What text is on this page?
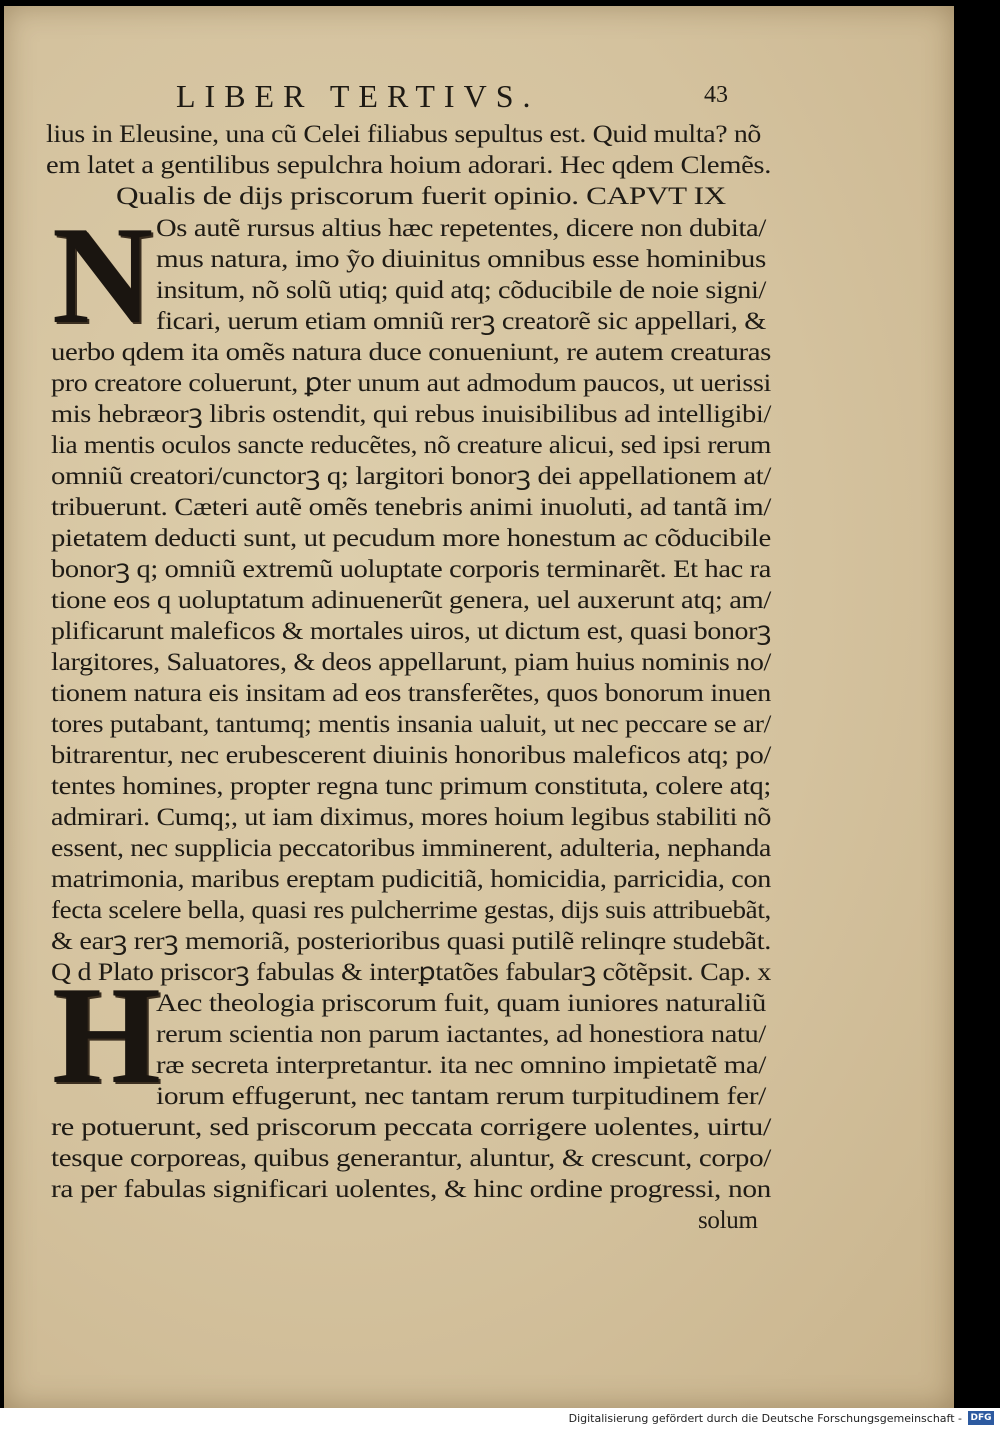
LIBER TERTIVS.	43
N
H
lius in Eleusine, una cũ Celei filiabus sepultus est. Quid multa? nõ
em latet a gentilibus sepulchra hoium adorari. Hec qdem Clemẽs.
Qualis de dijs priscorum fuerit opinio. CAPVT IX
Os autẽ rursus altius hæc repetentes, dicere non dubita/
mus natura, imo ỹo diuinitus omnibus esse hominibus
insitum, nõ solũ utiq; quid atq; cõducibile de noie signi/
ficari, uerum etiam omniũ rerꝫ creatorẽ sic appellari, &
uerbo qdem ita omẽs natura duce conueniunt, re autem creaturas
pro creatore coluerunt, ꝑter unum aut admodum paucos, ut uerissi
mis hebræorꝫ libris ostendit, qui rebus inuisibilibus ad intelligibi/
lia mentis oculos sancte reducẽtes, nõ creature alicui, sed ipsi rerum
omniũ creatori/cunctorꝫ q; largitori bonorꝫ dei appellationem at/
tribuerunt. Cæteri autẽ omẽs tenebris animi inuoluti, ad tantã im/
pietatem deducti sunt, ut pecudum more honestum ac cõducibile
bonorꝫ q; omniũ extremũ uoluptate corporis terminarẽt. Et hac ra
tione eos q uoluptatum adinuenerũt genera, uel auxerunt atq; am/
plificarunt maleficos & mortales uiros, ut dictum est, quasi bonorꝫ
largitores, Saluatores, & deos appellarunt, piam huius nominis no/
tionem natura eis insitam ad eos transferẽtes, quos bonorum inuen
tores putabant, tantumq; mentis insania ualuit, ut nec peccare se ar/
bitrarentur, nec erubescerent diuinis honoribus maleficos atq; po/
tentes homines, propter regna tunc primum constituta, colere atq;
admirari. Cumq;, ut iam diximus, mores hoium legibus stabiliti nõ
essent, nec supplicia peccatoribus imminerent, adulteria, nephanda
matrimonia, maribus ereptam pudicitiã, homicidia, parricidia, con
fecta scelere bella, quasi res pulcherrime gestas, dijs suis attribuebãt,
& earꝫ rerꝫ memoriã, posterioribus quasi putilẽ relinqre studebãt.
Q d Plato priscorꝫ fabulas & interꝑtatões fabularꝫ cõtẽpsit. Cap. x
Aec theologia priscorum fuit, quam iuniores naturaliũ
rerum scientia non parum iactantes, ad honestiora natu/
ræ secreta interpretantur. ita nec omnino impietatẽ ma/
iorum effugerunt, nec tantam rerum turpitudinem fer/
re potuerunt, sed priscorum peccata corrigere uolentes, uirtu/
tesque corporeas, quibus generantur, aluntur, & crescunt, corpo/
ra per fabulas significari uolentes, & hinc ordine progressi, non
solum
Digitalisierung gefördert durch die Deutsche Forschungsgemeinschaft - DFG
